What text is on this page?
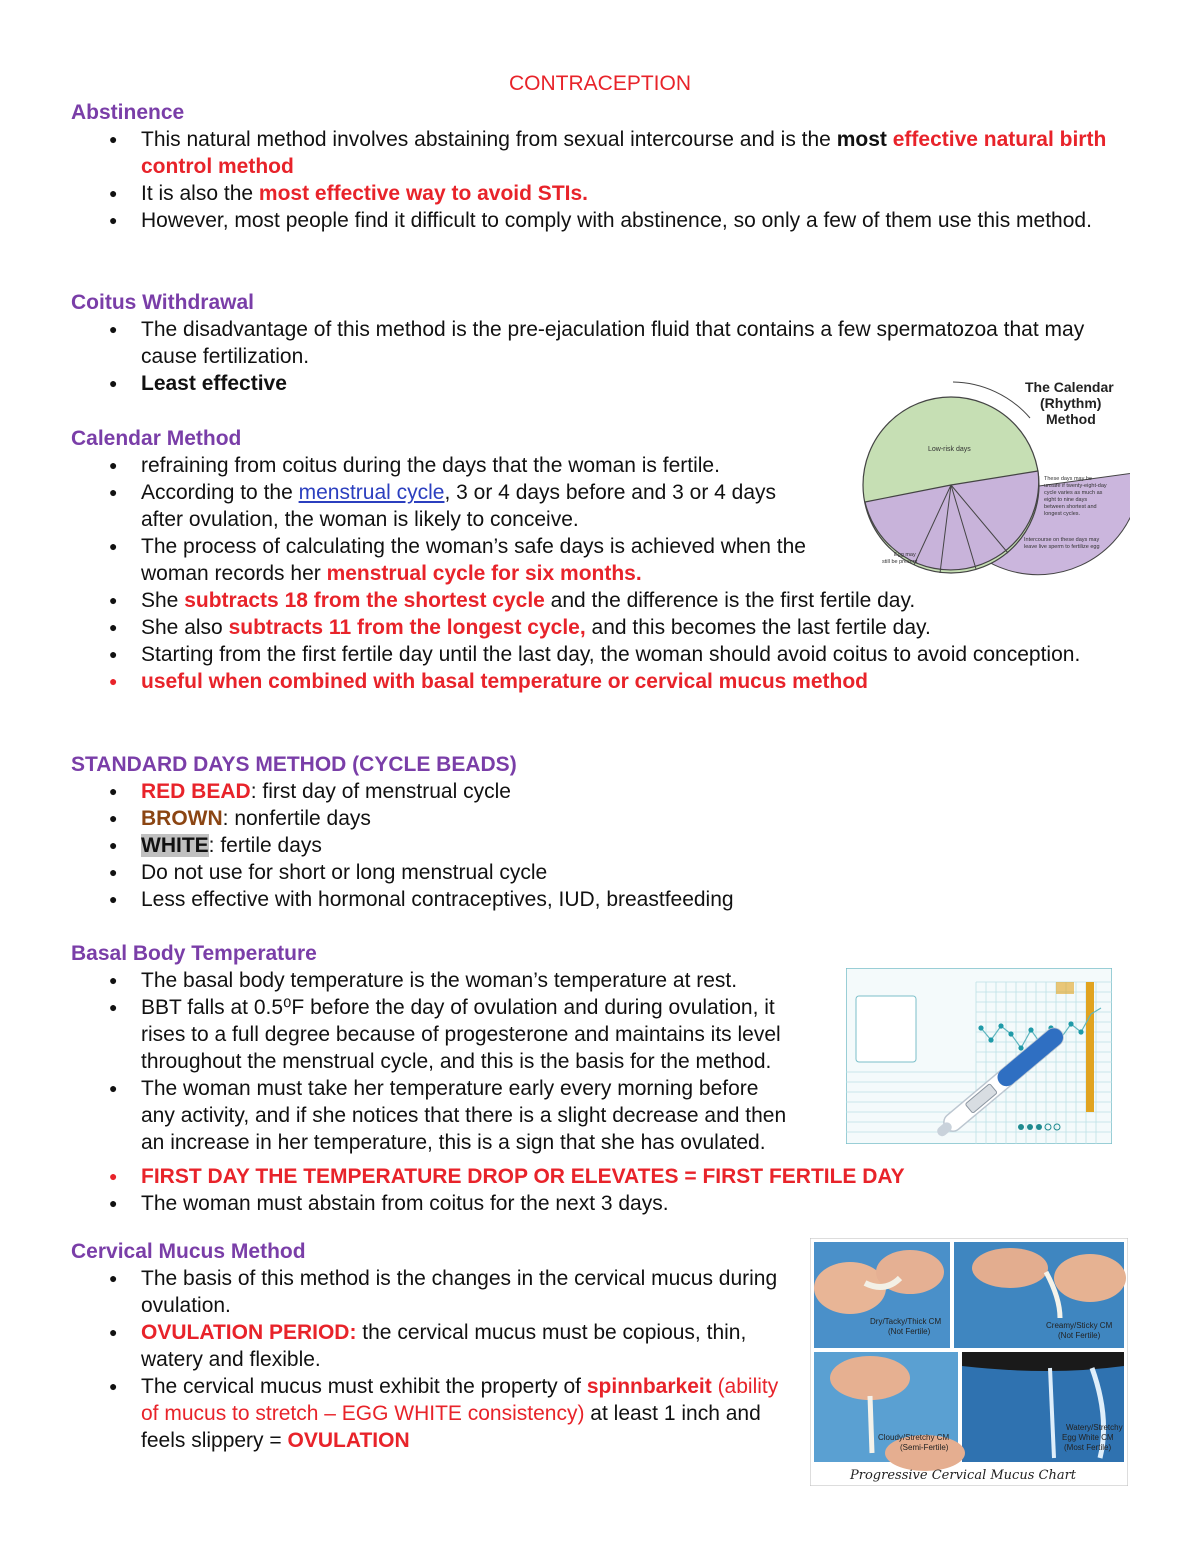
CONTRACEPTION
Abstinence
● This natural method involves abstaining from sexual intercourse and is the most effective natural birth control method
● It is also the most effective way to avoid STIs.
● However, most people find it difficult to comply with abstinence, so only a few of them use this method.
Coitus Withdrawal
● The disadvantage of this method is the pre-ejaculation fluid that contains a few spermatozoa that may cause fertilization.
● Least effective
Calendar Method
● refraining from coitus during the days that the woman is fertile.
● According to the menstrual cycle, 3 or 4 days before and 3 or 4 days after ovulation, the woman is likely to conceive.
● The process of calculating the woman’s safe days is achieved when the woman records her menstrual cycle for six months.
● She subtracts 18 from the shortest cycle and the difference is the first fertile day.
● She also subtracts 11 from the longest cycle, and this becomes the last fertile day.
● Starting from the first fertile day until the last day, the woman should avoid coitus to avoid conception.
● useful when combined with basal temperature or cervical mucus method
Low-risk days
The Calendar
(Rhythm)
Method
These days may be
unsafe if twenty-eight-day
cycle varies as much as
eight to nine days
between shortest and
longest cycles.
Intercourse on these days may
leave live sperm to fertilize egg
Egg may
still be present
STANDARD DAYS METHOD (CYCLE BEADS)
● RED BEAD: first day of menstrual cycle
● BROWN: nonfertile days
● WHITE: fertile days
● Do not use for short or long menstrual cycle
● Less effective with hormonal contraceptives, IUD, breastfeeding
Basal Body Temperature
● The basal body temperature is the woman’s temperature at rest.
● BBT falls at 0.5⁰F before the day of ovulation and during ovulation, it rises to a full degree because of progesterone and maintains its level throughout the menstrual cycle, and this is the basis for the method.
●
● FIRST DAY THE TEMPERATURE DROP OR ELEVATES = FIRST FERTILE DAY
● The woman must abstain from coitus for the next 3 days.
The woman must take her temperature early every morning before any activity, and if she notices that there is a slight decrease and then an increase in her temperature, this is a sign that she has ovulated.
Cervical Mucus Method
● The basis of this method is the changes in the cervical mucus during ovulation.
● OVULATION PERIOD: the cervical mucus must be copious, thin, watery and flexible.
● The cervical mucus must exhibit the property of spinnbarkeit (ability of mucus to stretch – EGG WHITE consistency) at least 1 inch and feels slippery = OVULATION
Dry/Tacky/Thick CM
(Not Fertile)
Creamy/Sticky CM
(Not Fertile)
Cloudy/Stretchy CM
(Semi-Fertile)
Watery/Stretchy
Egg White CM
(Most Fertile)
Progressive Cervical Mucus Chart
